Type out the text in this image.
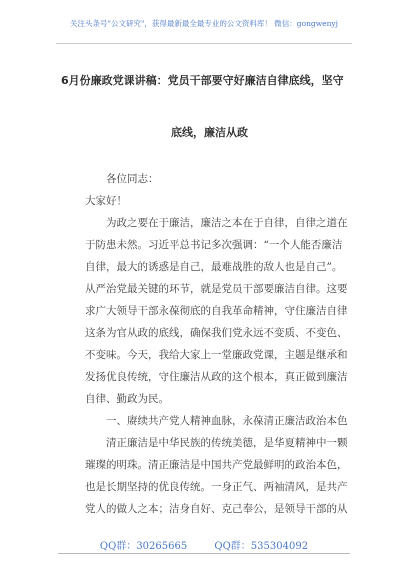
关注头条号"公文研究"，获得最新最全最专业的公文资料库！ 微信：gongwenyj
6月份廉政党课讲稿：党员干部要守好廉洁自律底线，坚守
底线，廉洁从政
各位同志：
大家好！
为政之要在于廉洁，廉洁之本在于自律，自律之道在
于防患未然。习近平总书记多次强调：“一个人能否廉洁
自律，最大的诱惑是自己，最难战胜的敌人也是自己”。
从严治党最关键的环节，就是党员干部要廉洁自律。这要
求广大领导干部永葆彻底的自我革命精神，守住廉洁自律
这条为官从政的底线，确保我们党永远不变质、不变色、
不变味。今天，我给大家上一堂廉政党课，主题是继承和
发扬优良传统，守住廉洁从政的这个根本，真正做到廉洁
自律、勤政为民。
一、赓续共产党人精神血脉，永葆清正廉洁政治本色
清正廉洁是中华民族的传统美德，是华夏精神中一颗
璀璨的明珠。清正廉洁是中国共产党最鲜明的政治本色，
也是长期坚持的优良传统。一身正气、两袖清风，是共产
党人的做人之本；洁身自好、克己奉公，是领导干部的从
QQ群：30265665	QQ群：535304092
